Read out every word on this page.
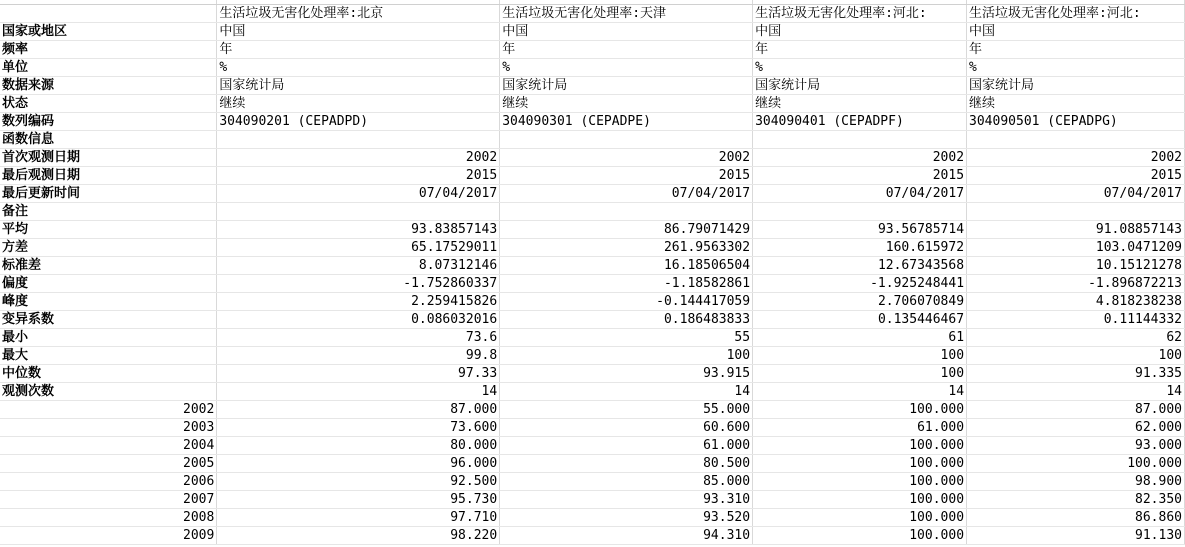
	生活垃圾无害化处理率:北京	生活垃圾无害化处理率:天津	生活垃圾无害化处理率:河北:	生活垃圾无害化处理率:河北:
国家或地区	中国	中国	中国	中国
频率	年	年	年	年
单位	%	%	%	%
数据来源	国家统计局	国家统计局	国家统计局	国家统计局
状态	继续	继续	继续	继续
数列编码	304090201 (CEPADPD)	304090301 (CEPADPE)	304090401 (CEPADPF)	304090501 (CEPADPG)
函数信息				
首次观测日期	2002	2002	2002	2002
最后观测日期	2015	2015	2015	2015
最后更新时间	07/04/2017	07/04/2017	07/04/2017	07/04/2017
备注				
平均	93.83857143	86.79071429	93.56785714	91.08857143
方差	65.17529011	261.9563302	160.615972	103.0471209
标准差	8.07312146	16.18506504	12.67343568	10.15121278
偏度	-1.752860337	-1.18582861	-1.925248441	-1.896872213
峰度	2.259415826	-0.144417059	2.706070849	4.818238238
变异系数	0.086032016	0.186483833	0.135446467	0.11144332
最小	73.6	55	61	62
最大	99.8	100	100	100
中位数	97.33	93.915	100	91.335
观测次数	14	14	14	14
2002	87.000	55.000	100.000	87.000
2003	73.600	60.600	61.000	62.000
2004	80.000	61.000	100.000	93.000
2005	96.000	80.500	100.000	100.000
2006	92.500	85.000	100.000	98.900
2007	95.730	93.310	100.000	82.350
2008	97.710	93.520	100.000	86.860
2009	98.220	94.310	100.000	91.130
